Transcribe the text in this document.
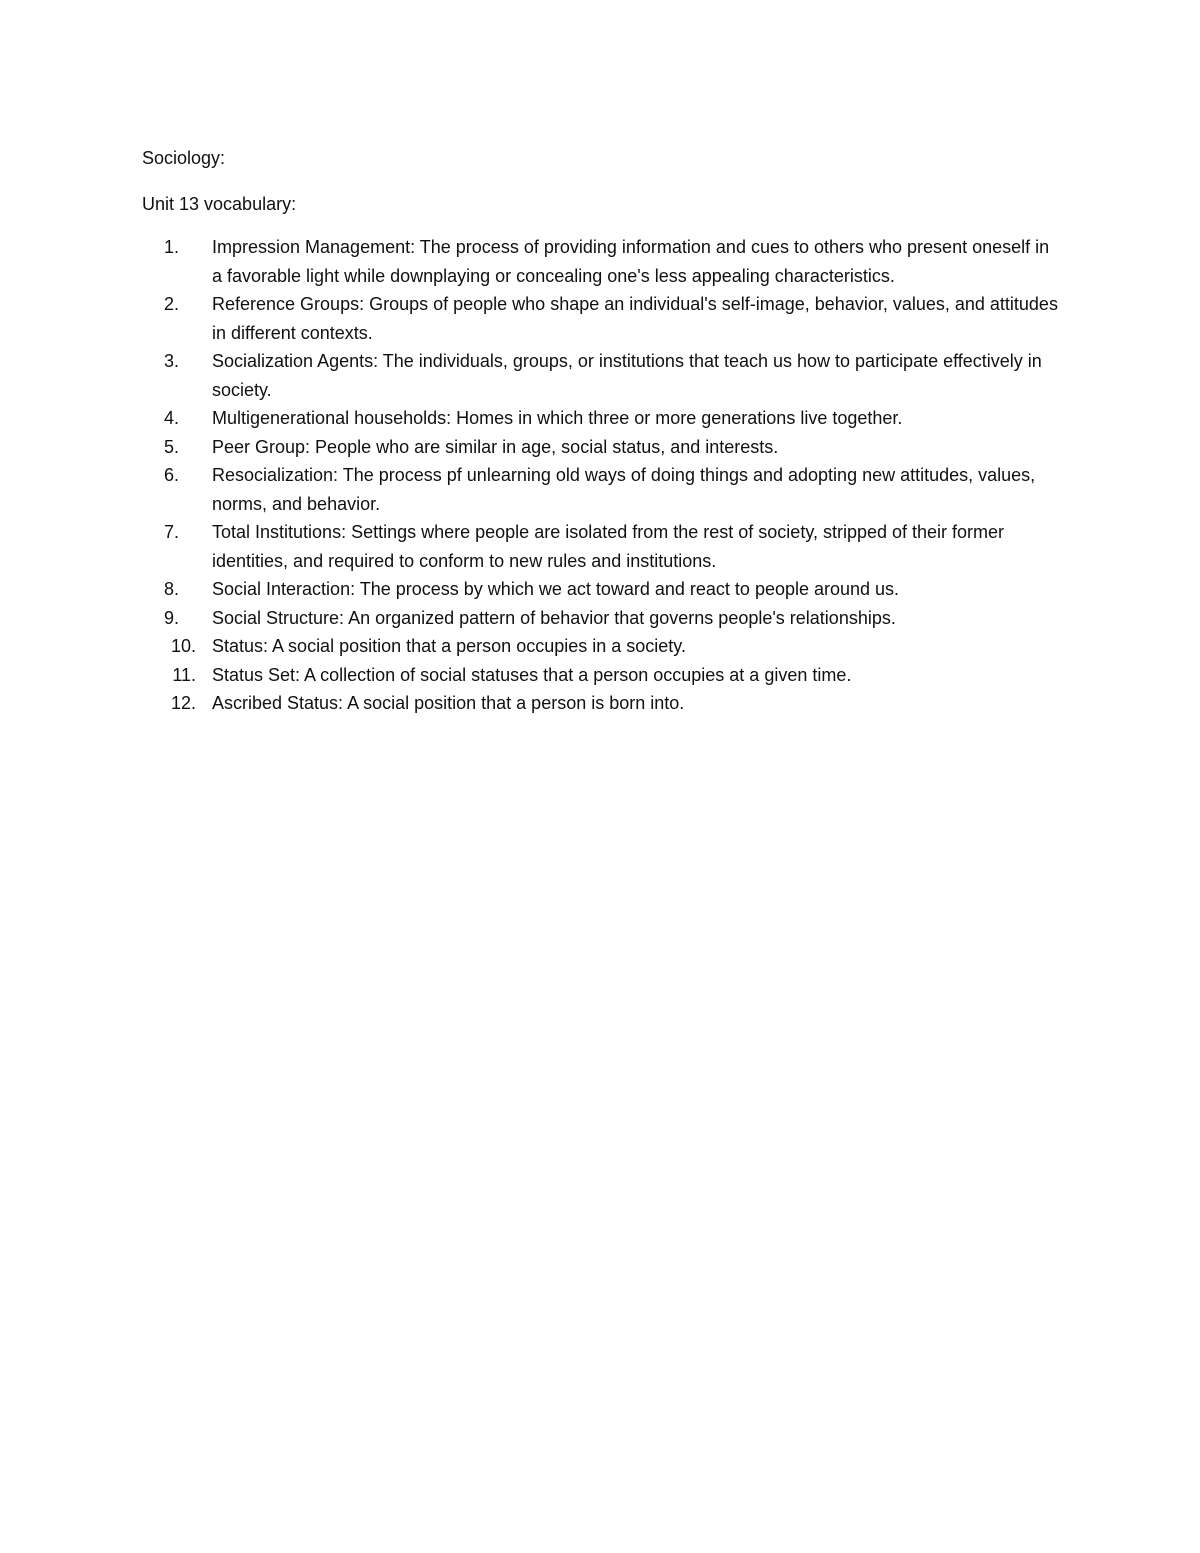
Sociology:

Unit 13 vocabulary:

1.	Impression Management: The process of providing information and cues to others who present oneself in a favorable light while downplaying or concealing one's less appealing characteristics.
2.	Reference Groups: Groups of people who shape an individual's self-image, behavior, values, and attitudes in different contexts.
3.	Socialization Agents: The individuals, groups, or institutions that teach us how to participate effectively in society.
4.	Multigenerational households: Homes in which three or more generations live together.
5.	Peer Group: People who are similar in age, social status, and interests.
6.	Resocialization: The process pf unlearning old ways of doing things and adopting new attitudes, values, norms, and behavior.
7.	Total Institutions: Settings where people are isolated from the rest of society, stripped of their former identities, and required to conform to new rules and institutions.
8.	Social Interaction: The process by which we act toward and react to people around us.
9.	Social Structure: An organized pattern of behavior that governs people's relationships.
10. Status: A social position that a person occupies in a society.
11. Status Set: A collection of social statuses that a person occupies at a given time.
12. Ascribed Status: A social position that a person is born into.
